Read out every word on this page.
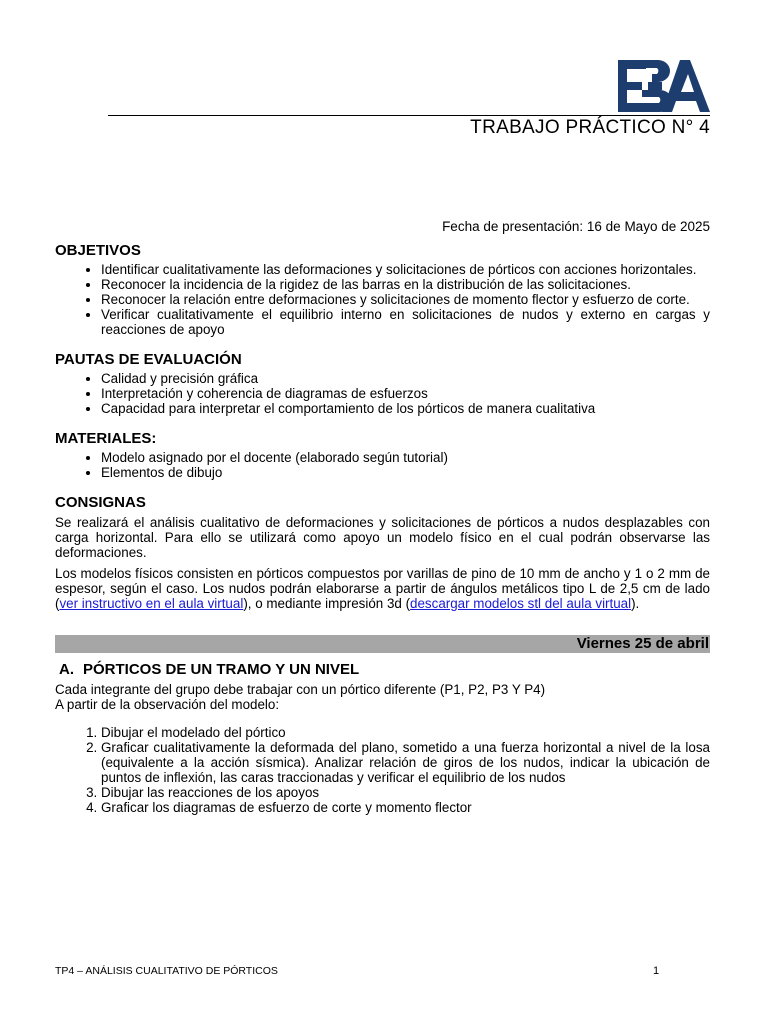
TRABAJO PRÁCTICO N° 4
Fecha de presentación: 16 de Mayo de 2025
OBJETIVOS
• Identificar cualitativamente las deformaciones y solicitaciones de pórticos con acciones horizontales.
• Reconocer la incidencia de la rigidez de las barras en la distribución de las solicitaciones.
• Reconocer la relación entre deformaciones y solicitaciones de momento flector y esfuerzo de corte.
• Verificar cualitativamente el equilibrio interno en solicitaciones de nudos y externo en cargas y reacciones de apoyo
PAUTAS DE EVALUACIÓN
• Calidad y precisión gráfica
• Interpretación y coherencia de diagramas de esfuerzos
• Capacidad para interpretar el comportamiento de los pórticos de manera cualitativa
MATERIALES:
• Modelo asignado por el docente (elaborado según tutorial)
• Elementos de dibujo
CONSIGNAS

Se realizará el análisis cualitativo de deformaciones y solicitaciones de pórticos a nudos desplazables con carga horizontal. Para ello se utilizará como apoyo un modelo físico en el cual podrán observarse las deformaciones.

Los modelos físicos consisten en pórticos compuestos por varillas de pino de 10 mm de ancho y 1 o 2 mm de espesor, según el caso. Los nudos podrán elaborarse a partir de ángulos metálicos tipo L de 2,5 cm de lado (ver instructivo en el aula virtual), o mediante impresión 3d (descargar modelos stl del aula virtual).

Viernes 25 de abril
A. PÓRTICOS DE UN TRAMO Y UN NIVEL

Cada integrante del grupo debe trabajar con un pórtico diferente (P1, P2, P3 Y P4)

A partir de la observación del modelo:

1. Dibujar el modelado del pórtico
2. Graficar cualitativamente la deformada del plano, sometido a una fuerza horizontal a nivel de la losa (equivalente a la acción sísmica). Analizar relación de giros de los nudos, indicar la ubicación de puntos de inflexión, las caras traccionadas y verificar el equilibrio de los nudos
3. Dibujar las reacciones de los apoyos
4. Graficar los diagramas de esfuerzo de corte y momento flector
TP4 – ANÁLISIS CUALITATIVO DE PÓRTICOS	1
